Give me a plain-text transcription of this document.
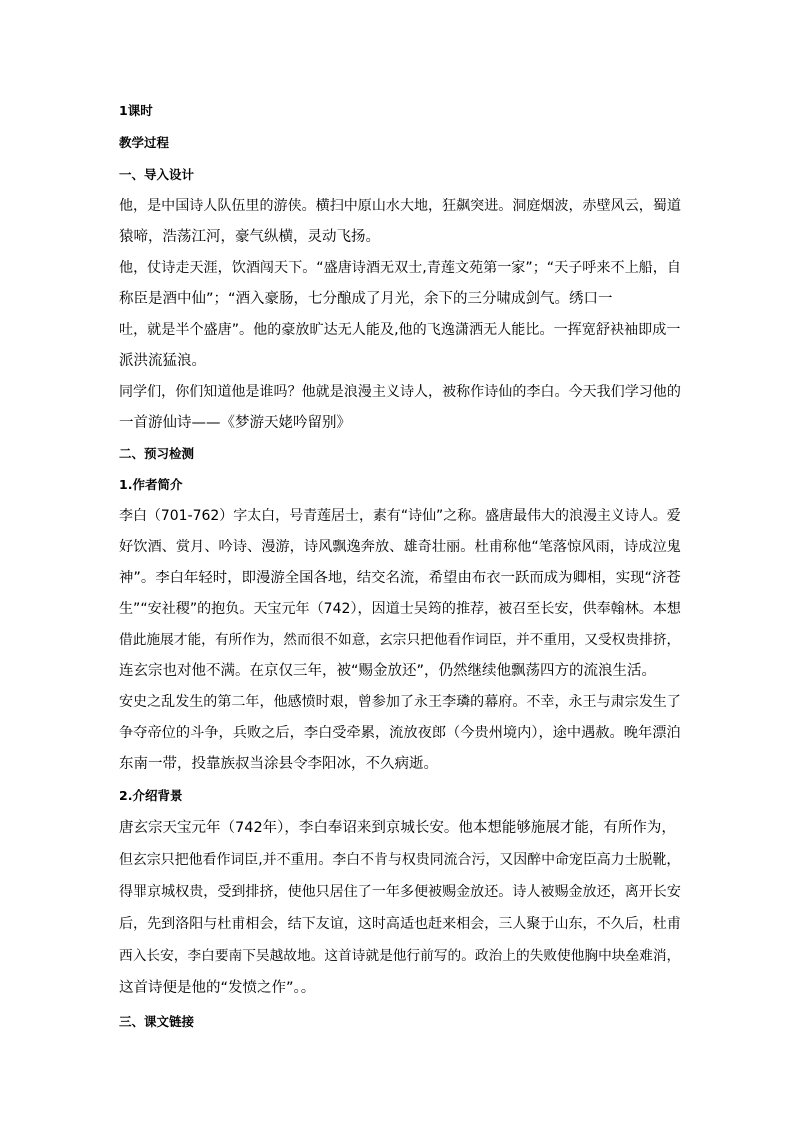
1课时

教学过程

一、导入设计

他，是中国诗人队伍里的游侠。横扫中原山水大地，狂飙突进。洞庭烟波，赤壁风云，蜀道

猿啼，浩荡江河，豪气纵横，灵动飞扬。

他，仗诗走天涯，饮酒闯天下。“盛唐诗酒无双士,青莲文苑第一家”；“天子呼来不上船，自

称臣是酒中仙”；“酒入豪肠，七分酿成了月光，余下的三分啸成剑气。绣口一

吐，就是半个盛唐”。他的豪放旷达无人能及,他的飞逸潇洒无人能比。一挥宽舒袂袖即成一

派洪流猛浪。

同学们，你们知道他是谁吗？他就是浪漫主义诗人，被称作诗仙的李白。今天我们学习他的

一首游仙诗——《梦游天姥吟留别》

二、预习检测

1.作者简介

李白（701-762）字太白，号青莲居士，素有“诗仙”之称。盛唐最伟大的浪漫主义诗人。爱

好饮酒、赏月、吟诗、漫游，诗风飘逸奔放、雄奇壮丽。杜甫称他“笔落惊风雨，诗成泣鬼

神”。李白年轻时，即漫游全国各地，结交名流，希望由布衣一跃而成为卿相，实现“济苍

生”“安社稷”的抱负。天宝元年（742），因道士吴筠的推荐，被召至长安，供奉翰林。本想

借此施展才能，有所作为，然而很不如意，玄宗只把他看作词臣，并不重用，又受权贵排挤，

连玄宗也对他不满。在京仅三年，被“赐金放还”，仍然继续他飘荡四方的流浪生活。

安史之乱发生的第二年，他感愤时艰，曾参加了永王李璘的幕府。不幸，永王与肃宗发生了

争夺帝位的斗争，兵败之后，李白受牵累，流放夜郎（今贵州境内），途中遇赦。晚年漂泊

东南一带，投靠族叔当涂县令李阳冰，不久病逝。

2.介绍背景

唐玄宗天宝元年（742年），李白奉诏来到京城长安。他本想能够施展才能，有所作为，

但玄宗只把他看作词臣,并不重用。李白不肯与权贵同流合污，又因醉中命宠臣高力士脱靴，

得罪京城权贵，受到排挤，使他只居住了一年多便被赐金放还。诗人被赐金放还，离开长安

后，先到洛阳与杜甫相会，结下友谊，这时高适也赶来相会，三人聚于山东，不久后，杜甫

西入长安，李白要南下吴越故地。这首诗就是他行前写的。政治上的失败使他胸中块垒难消，

这首诗便是他的“发愤之作”。。

三、课文链接
